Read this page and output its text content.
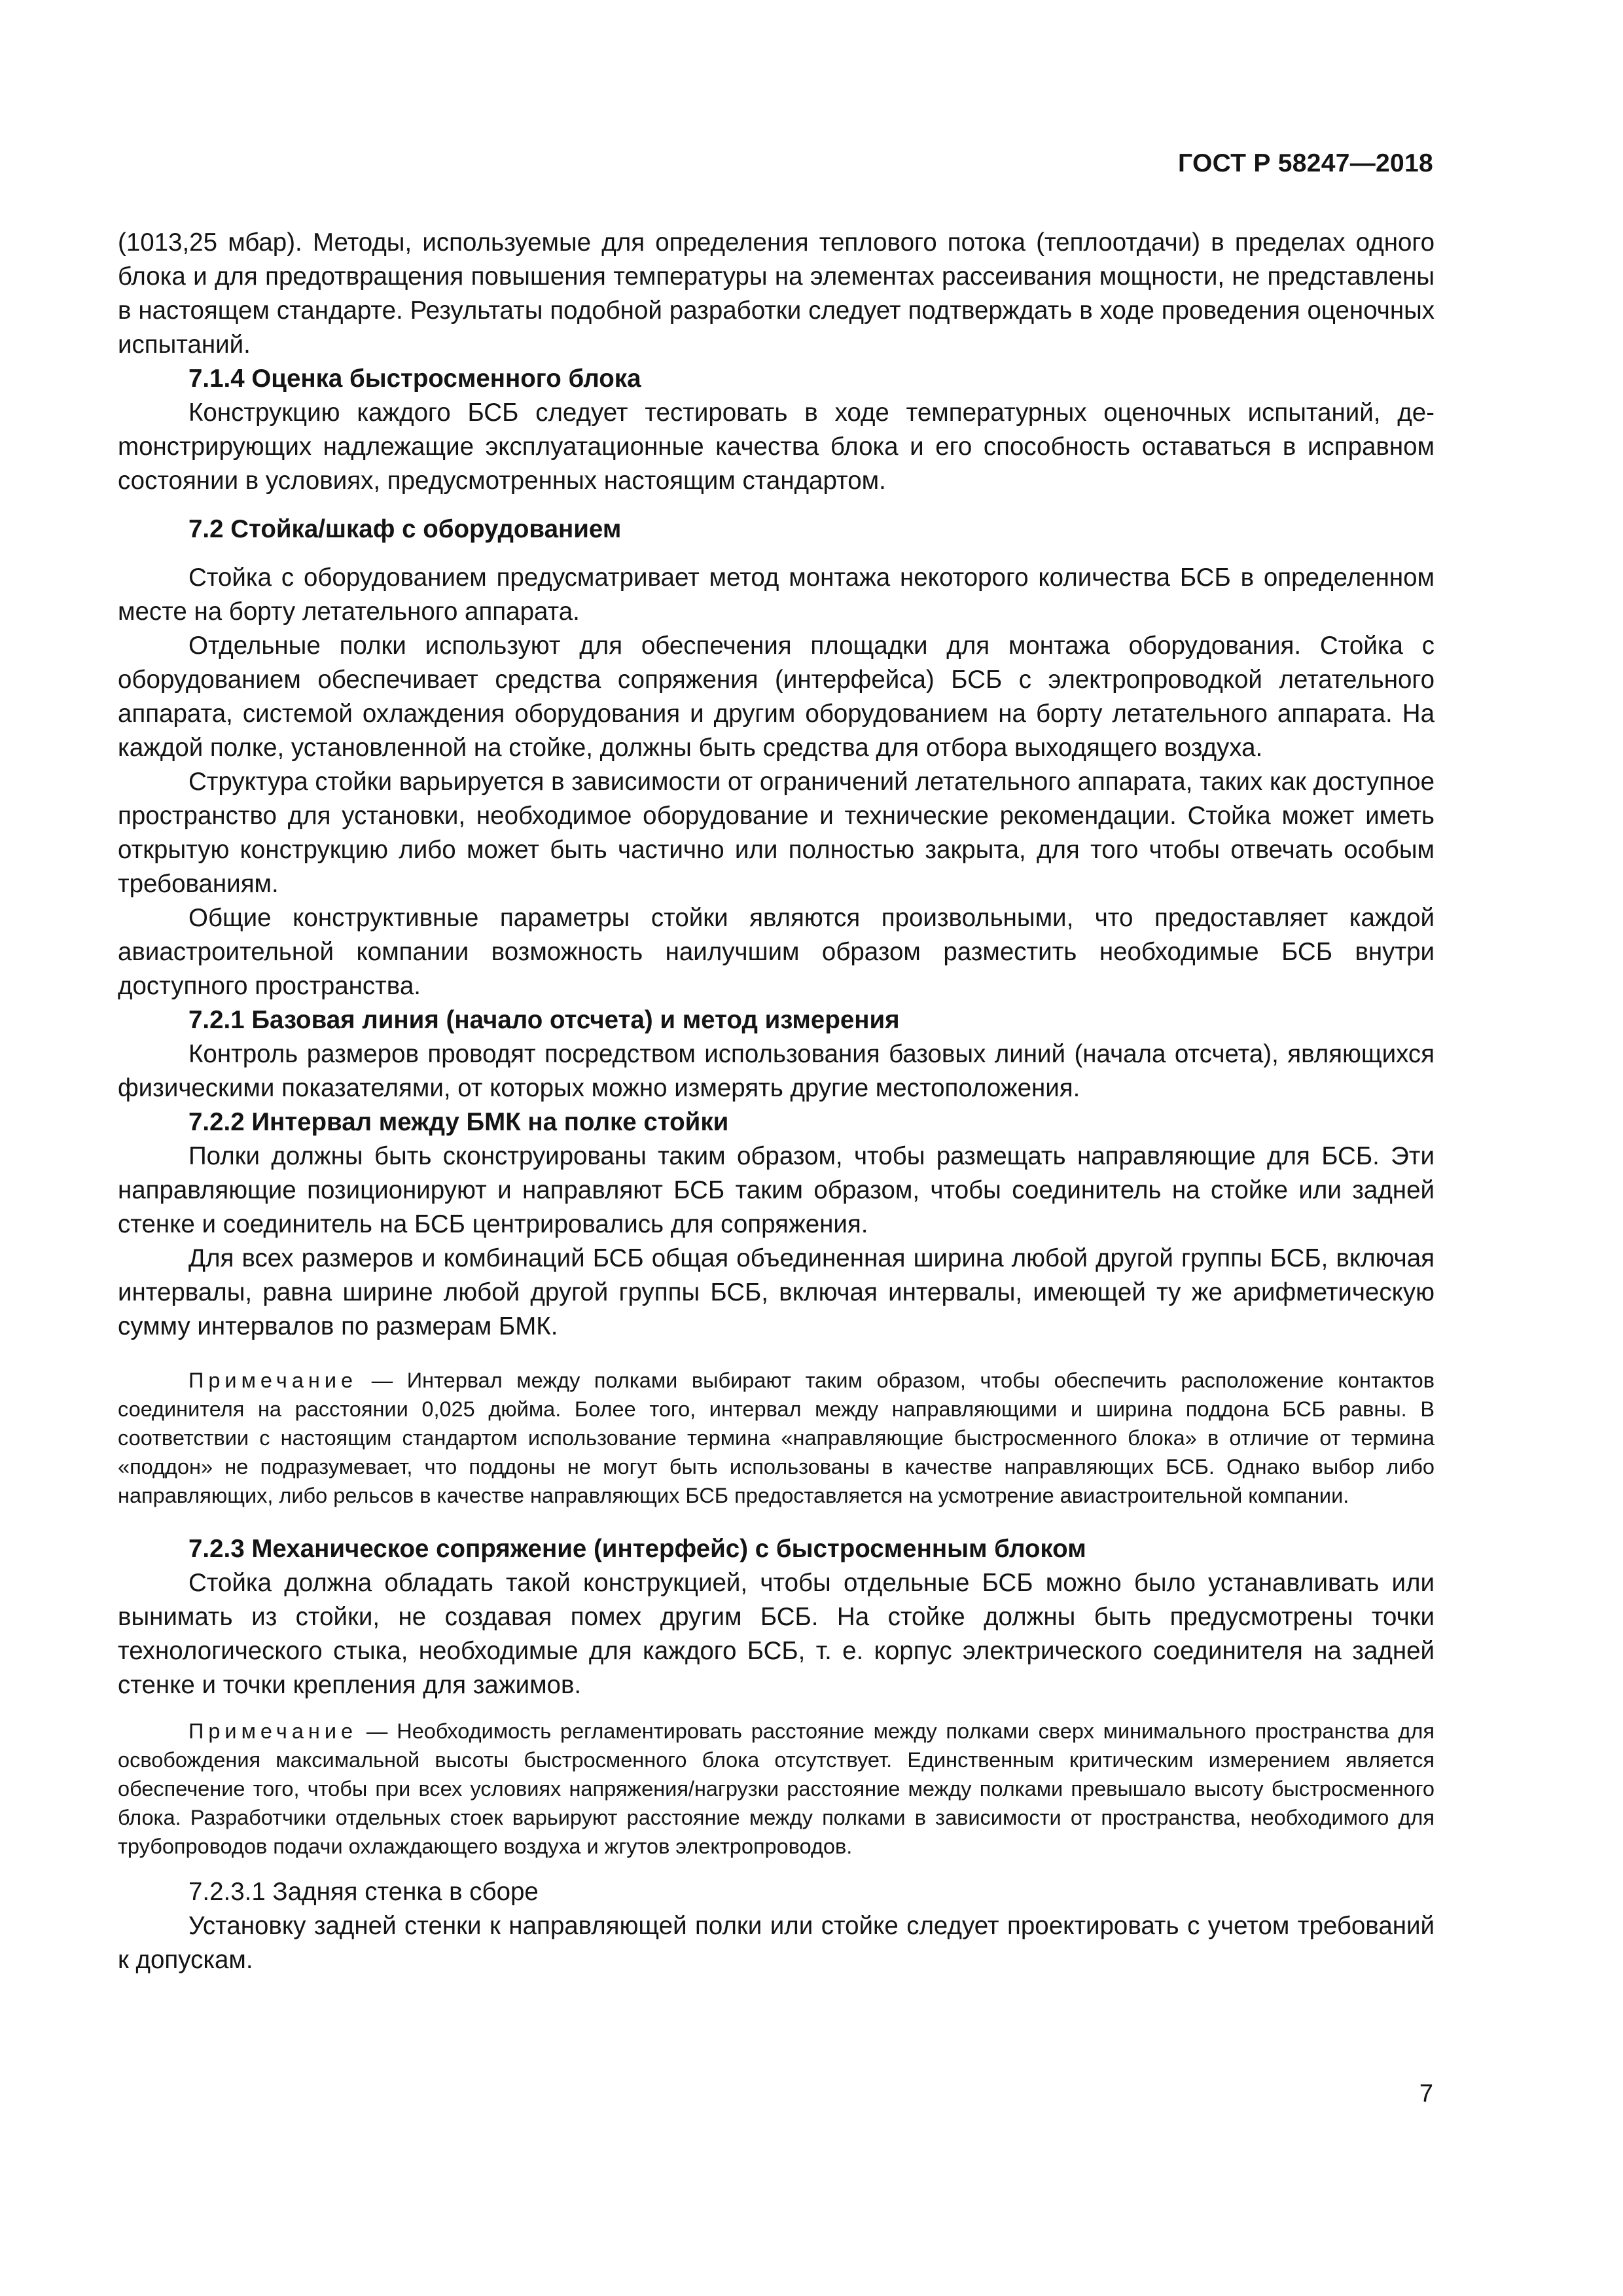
ГОСТ Р 58247—2018

(1013,25 мбар). Методы, используемые для определения теплового потока (теплоотдачи) в пределах одного блока и для предотвращения повышения температуры на элементах рассеивания мощности, не представлены в настоящем стандарте. Результаты подобной разработки следует подтверждать в ходе проведения оценочных испытаний.

7.1.4 Оценка быстросменного блока

Конструкцию каждого БСБ следует тестировать в ходе температурных оценочных испытаний, деmонстрирующих надлежащие эксплуатационные качества блока и его способность оставаться в исправном состоянии в условиях, предусмотренных настоящим стандартом.

7.2 Стойка/шкаф с оборудованием

Стойка с оборудованием предусматривает метод монтажа некоторого количества БСБ в определенном месте на борту летательного аппарата.

Отдельные полки используют для обеспечения площадки для монтажа оборудования. Стойка с оборудованием обеспечивает средства сопряжения (интерфейса) БСБ с электропроводкой летательного аппарата, системой охлаждения оборудования и другим оборудованием на борту летательного аппарата. На каждой полке, установленной на стойке, должны быть средства для отбора выходящего воздуха.

Структура стойки варьируется в зависимости от ограничений летательного аппарата, таких как доступное пространство для установки, необходимое оборудование и технические рекомендации. Стойка может иметь открытую конструкцию либо может быть частично или полностью закрыта, для того чтобы отвечать особым требованиям.

Общие конструктивные параметры стойки являются произвольными, что предоставляет каждой авиастроительной компании возможность наилучшим образом разместить необходимые БСБ внутри доступного пространства.

7.2.1 Базовая линия (начало отсчета) и метод измерения

Контроль размеров проводят посредством использования базовых линий (начала отсчета), являющихся физическими показателями, от которых можно измерять другие местоположения.

7.2.2 Интервал между БМК на полке стойки

Полки должны быть сконструированы таким образом, чтобы размещать направляющие для БСБ. Эти направляющие позиционируют и направляют БСБ таким образом, чтобы соединитель на стойке или задней стенке и соединитель на БСБ центрировались для сопряжения.

Для всех размеров и комбинаций БСБ общая объединенная ширина любой другой группы БСБ, включая интервалы, равна ширине любой другой группы БСБ, включая интервалы, имеющей ту же арифметическую сумму интервалов по размерам БМК.

Примечание — Интервал между полками выбирают таким образом, чтобы обеспечить расположение контактов соединителя на расстоянии 0,025 дюйма. Более того, интервал между направляющими и ширина поддона БСБ равны. В соответствии с настоящим стандартом использование термина «направляющие быстросменного блока» в отличие от термина «поддон» не подразумевает, что поддоны не могут быть использованы в качестве направляющих БСБ. Однако выбор либо направляющих, либо рельсов в качестве направляющих БСБ предоставляется на усмотрение авиастроительной компании.

7.2.3 Механическое сопряжение (интерфейс) с быстросменным блоком

Стойка должна обладать такой конструкцией, чтобы отдельные БСБ можно было устанавливать или вынимать из стойки, не создавая помех другим БСБ. На стойке должны быть предусмотрены точки технологического стыка, необходимые для каждого БСБ, т. е. корпус электрического соединителя на задней стенке и точки крепления для зажимов.

Примечание — Необходимость регламентировать расстояние между полками сверх минимального пространства для освобождения максимальной высоты быстросменного блока отсутствует. Единственным критическим измерением является обеспечение того, чтобы при всех условиях напряжения/нагрузки расстояние между полками превышало высоту быстросменного блока. Разработчики отдельных стоек варьируют расстояние между полками в зависимости от пространства, необходимого для трубопроводов подачи охлаждающего воздуха и жгутов электропроводов.

7.2.3.1 Задняя стенка в сборе

Установку задней стенки к направляющей полки или стойке следует проектировать с учетом требований к допускам.

7
